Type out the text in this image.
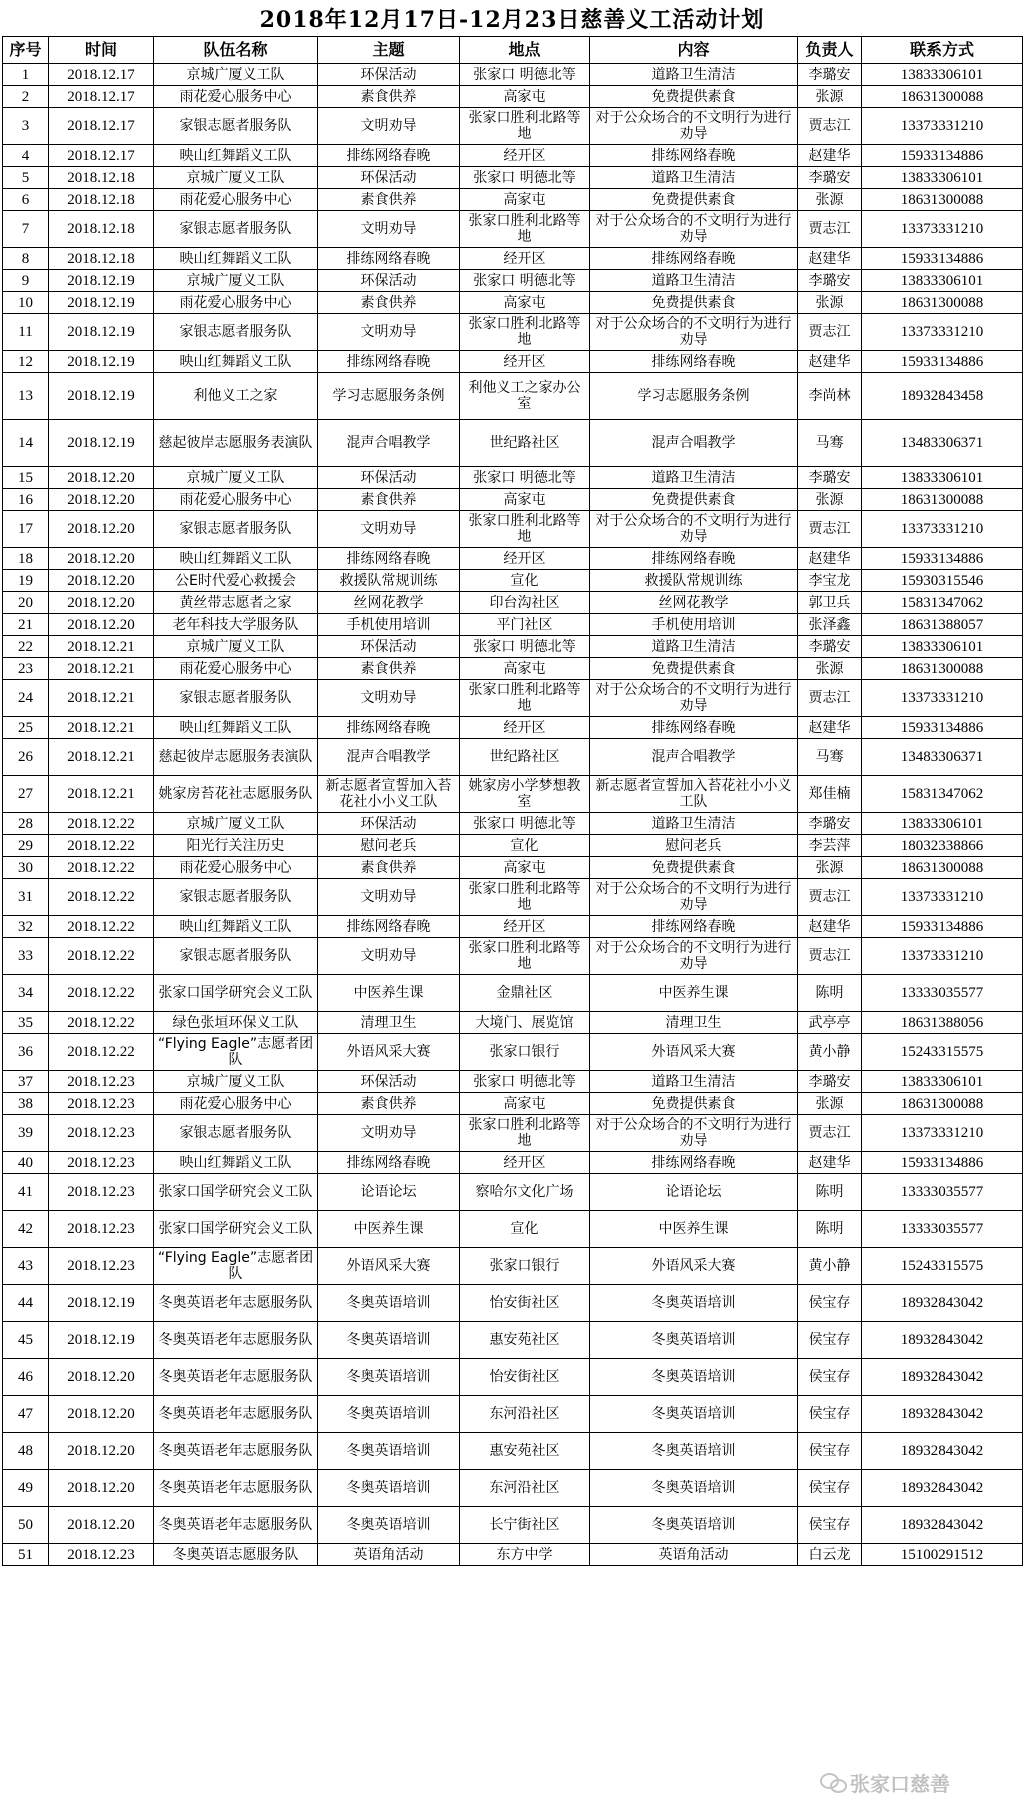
2018年12月17日-12月23日慈善义工活动计划
序号	时间	队伍名称	主题	地点	内容	负责人	联系方式
1	2018.12.17	京城广厦义工队	环保活动	张家口 明德北等	道路卫生清洁	李璐安	13833306101
2	2018.12.17	雨花爱心服务中心	素食供养	高家屯	免费提供素食	张源	18631300088
3	2018.12.17	家银志愿者服务队	文明劝导	张家口胜利北路等地	对于公众场合的不文明行为进行劝导	贾志江	13373331210
4	2018.12.17	映山红舞蹈义工队	排练网络春晚	经开区	排练网络春晚	赵建华	15933134886
5	2018.12.18	京城广厦义工队	环保活动	张家口 明德北等	道路卫生清洁	李璐安	13833306101
6	2018.12.18	雨花爱心服务中心	素食供养	高家屯	免费提供素食	张源	18631300088
7	2018.12.18	家银志愿者服务队	文明劝导	张家口胜利北路等地	对于公众场合的不文明行为进行劝导	贾志江	13373331210
8	2018.12.18	映山红舞蹈义工队	排练网络春晚	经开区	排练网络春晚	赵建华	15933134886
9	2018.12.19	京城广厦义工队	环保活动	张家口 明德北等	道路卫生清洁	李璐安	13833306101
10	2018.12.19	雨花爱心服务中心	素食供养	高家屯	免费提供素食	张源	18631300088
11	2018.12.19	家银志愿者服务队	文明劝导	张家口胜利北路等地	对于公众场合的不文明行为进行劝导	贾志江	13373331210
12	2018.12.19	映山红舞蹈义工队	排练网络春晚	经开区	排练网络春晚	赵建华	15933134886
13	2018.12.19	利他义工之家	学习志愿服务条例	利他义工之家办公室	学习志愿服务条例	李尚林	18932843458
14	2018.12.19	慈起彼岸志愿服务表演队	混声合唱教学	世纪路社区	混声合唱教学	马骞	13483306371
15	2018.12.20	京城广厦义工队	环保活动	张家口 明德北等	道路卫生清洁	李璐安	13833306101
16	2018.12.20	雨花爱心服务中心	素食供养	高家屯	免费提供素食	张源	18631300088
17	2018.12.20	家银志愿者服务队	文明劝导	张家口胜利北路等地	对于公众场合的不文明行为进行劝导	贾志江	13373331210
18	2018.12.20	映山红舞蹈义工队	排练网络春晚	经开区	排练网络春晚	赵建华	15933134886
19	2018.12.20	公E时代爱心救援会	救援队常规训练	宣化	救援队常规训练	李宝龙	15930315546
20	2018.12.20	黄丝带志愿者之家	丝网花教学	印台沟社区	丝网花教学	郭卫兵	15831347062
21	2018.12.20	老年科技大学服务队	手机使用培训	平门社区	手机使用培训	张泽鑫	18631388057
22	2018.12.21	京城广厦义工队	环保活动	张家口 明德北等	道路卫生清洁	李璐安	13833306101
23	2018.12.21	雨花爱心服务中心	素食供养	高家屯	免费提供素食	张源	18631300088
24	2018.12.21	家银志愿者服务队	文明劝导	张家口胜利北路等地	对于公众场合的不文明行为进行劝导	贾志江	13373331210
25	2018.12.21	映山红舞蹈义工队	排练网络春晚	经开区	排练网络春晚	赵建华	15933134886
26	2018.12.21	慈起彼岸志愿服务表演队	混声合唱教学	世纪路社区	混声合唱教学	马骞	13483306371
27	2018.12.21	姚家房苔花社志愿服务队	新志愿者宣誓加入苔花社小小义工队	姚家房小学梦想教室	新志愿者宣誓加入苔花社小小义工队	郑佳楠	15831347062
28	2018.12.22	京城广厦义工队	环保活动	张家口 明德北等	道路卫生清洁	李璐安	13833306101
29	2018.12.22	阳光行关注历史	慰问老兵	宣化	慰问老兵	李芸萍	18032338866
30	2018.12.22	雨花爱心服务中心	素食供养	高家屯	免费提供素食	张源	18631300088
31	2018.12.22	家银志愿者服务队	文明劝导	张家口胜利北路等地	对于公众场合的不文明行为进行劝导	贾志江	13373331210
32	2018.12.22	映山红舞蹈义工队	排练网络春晚	经开区	排练网络春晚	赵建华	15933134886
33	2018.12.22	家银志愿者服务队	文明劝导	张家口胜利北路等地	对于公众场合的不文明行为进行劝导	贾志江	13373331210
34	2018.12.22	张家口国学研究会义工队	中医养生课	金鼎社区	中医养生课	陈明	13333035577
35	2018.12.22	绿色张垣环保义工队	清理卫生	大境门、展览馆	清理卫生	武亭亭	18631388056
36	2018.12.22	“Flying Eagle”志愿者团队	外语风采大赛	张家口银行	外语风采大赛	黄小静	15243315575
37	2018.12.23	京城广厦义工队	环保活动	张家口 明德北等	道路卫生清洁	李璐安	13833306101
38	2018.12.23	雨花爱心服务中心	素食供养	高家屯	免费提供素食	张源	18631300088
39	2018.12.23	家银志愿者服务队	文明劝导	张家口胜利北路等地	对于公众场合的不文明行为进行劝导	贾志江	13373331210
40	2018.12.23	映山红舞蹈义工队	排练网络春晚	经开区	排练网络春晚	赵建华	15933134886
41	2018.12.23	张家口国学研究会义工队	论语论坛	察哈尔文化广场	论语论坛	陈明	13333035577
42	2018.12.23	张家口国学研究会义工队	中医养生课	宣化	中医养生课	陈明	13333035577
43	2018.12.23	“Flying Eagle”志愿者团队	外语风采大赛	张家口银行	外语风采大赛	黄小静	15243315575
44	2018.12.19	冬奥英语老年志愿服务队	冬奥英语培训	怡安街社区	冬奥英语培训	侯宝存	18932843042
45	2018.12.19	冬奥英语老年志愿服务队	冬奥英语培训	惠安苑社区	冬奥英语培训	侯宝存	18932843042
46	2018.12.20	冬奥英语老年志愿服务队	冬奥英语培训	怡安街社区	冬奥英语培训	侯宝存	18932843042
47	2018.12.20	冬奥英语老年志愿服务队	冬奥英语培训	东河沿社区	冬奥英语培训	侯宝存	18932843042
48	2018.12.20	冬奥英语老年志愿服务队	冬奥英语培训	惠安苑社区	冬奥英语培训	侯宝存	18932843042
49	2018.12.20	冬奥英语老年志愿服务队	冬奥英语培训	东河沿社区	冬奥英语培训	侯宝存	18932843042
50	2018.12.20	冬奥英语老年志愿服务队	冬奥英语培训	长宁街社区	冬奥英语培训	侯宝存	18932843042
51	2018.12.23	冬奥英语志愿服务队	英语角活动	东方中学	英语角活动	白云龙	15100291512
张家口慈善
